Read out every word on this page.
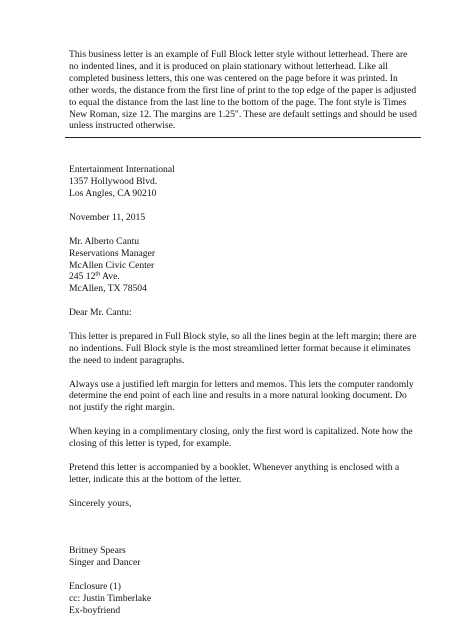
This business letter is an example of Full Block letter style without letterhead. There are no indented lines, and it is produced on plain stationary without letterhead. Like all completed business letters, this one was centered on the page before it was printed. In other words, the distance from the first line of print to the top edge of the paper is adjusted to equal the distance from the last line to the bottom of the page. The font style is Times New Roman, size 12. The margins are 1.25". These are default settings and should be used unless instructed otherwise.

Entertainment International
1357 Hollywood Blvd.
Los Angles, CA 90210
November 11, 2015
Mr. Alberto Cantu
Reservations Manager
McAllen Civic Center
245 12th Ave.
McAllen, TX 78504
Dear Mr. Cantu:

This letter is prepared in Full Block style, so all the lines begin at the left margin; there are no indentions. Full Block style is the most streamlined letter format because it eliminates the need to indent paragraphs.

Always use a justified left margin for letters and memos. This lets the computer randomly determine the end point of each line and results in a more natural looking document. Do not justify the right margin.

When keying in a complimentary closing, only the first word is capitalized. Note how the closing of this letter is typed, for example.

Pretend this letter is accompanied by a booklet. Whenever anything is enclosed with a letter, indicate this at the bottom of the letter.

Sincerely yours,
Britney Spears
Singer and Dancer
Enclosure (1)
cc: Justin Timberlake
Ex-boyfriend
